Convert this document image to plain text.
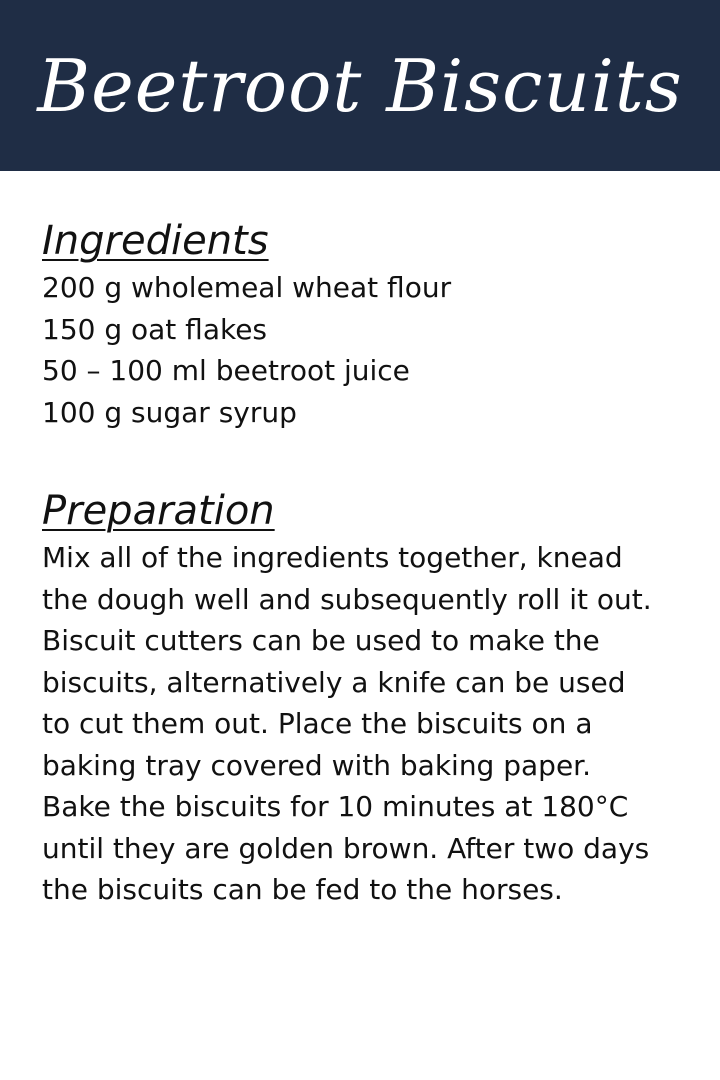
Beetroot Biscuits
Ingredients
200 g wholemeal wheat flour
150 g oat flakes
50 – 100 ml beetroot juice
100 g sugar syrup
Preparation
Mix all of the ingredients together, knead
the dough well and subsequently roll it out.
Biscuit cutters can be used to make the
biscuits, alternatively a knife can be used
to cut them out. Place the biscuits on a
baking tray covered with baking paper.
Bake the biscuits for 10 minutes at 180°C
until they are golden brown. After two days
the biscuits can be fed to the horses.
